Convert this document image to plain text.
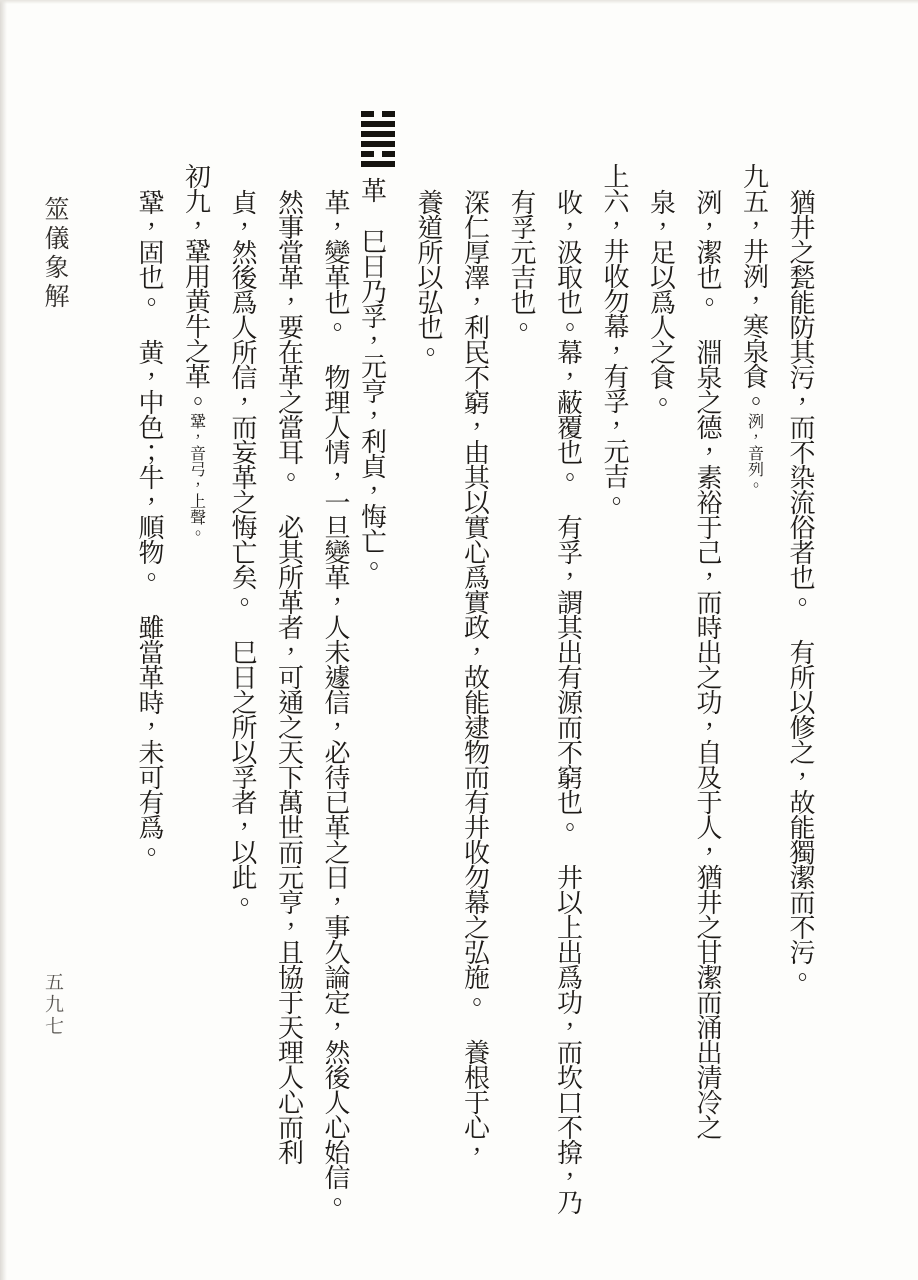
猶井之甃能防其污，而不染流俗者也。　有所以修之，故能獨潔而不污。
九五，井洌，寒泉食。洌，音列。
洌，潔也。　淵泉之德，素裕于己，而時出之功，自及于人，猶井之甘潔而涌出清冷之
泉，足以爲人之食。
上六，井收勿幕，有孚，元吉。
收，汲取也。幕，蔽覆也。　有孚，謂其出有源而不窮也。　井以上出爲功，而坎口不揜，乃
有孚元吉也。
深仁厚澤，利民不窮，由其以實心爲實政，故能逮物而有井收勿幕之弘施。　養根于心，
養道所以弘也。
革巳日乃孚，元亨，利貞，悔亡。
革，變革也。　物理人情，一旦變革，人未遽信，必待已革之日，事久論定，然後人心始信。
然事當革，要在革之當耳。　必其所革者，可通之天下萬世而元亨，且協于天理人心而利
貞，然後爲人所信，而妄革之悔亡矣。　巳日之所以孚者，以此。
初九，鞏用黄牛之革。鞏，音弓，上聲。
鞏，固也。　黄，中色；牛，順物。　雖當革時，未可有爲。
筮儀象解
五九七
